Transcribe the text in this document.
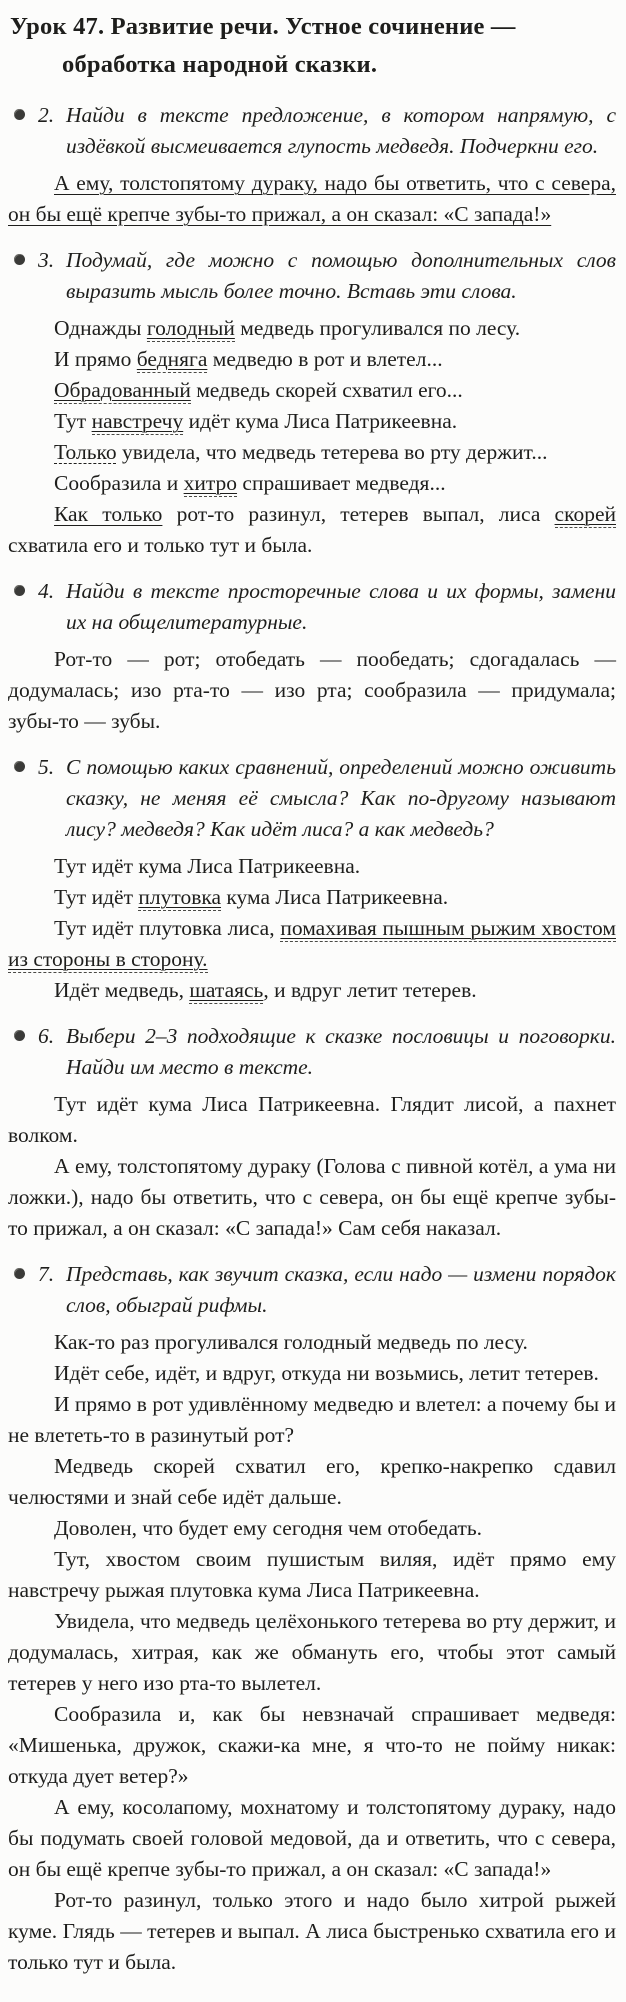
Урок 47. Развитие речи. Устное сочинение —
обработка народной сказки.
2. Найди в тексте предложение, в котором напрямую, с издёвкой высмеивается глупость медведя. Подчеркни его.
А ему, толстопятому дураку, надо бы ответить, что с севера, он бы ещё крепче зубы-то прижал, а он сказал: «С запада!»
3. Подумай, где можно с помощью дополнительных слов выразить мысль более точно. Вставь эти слова.
Однажды голодный медведь прогуливался по лесу.
И прямо бедняга медведю в рот и влетел...
Обрадованный медведь скорей схватил его...
Тут навстречу идёт кума Лиса Патрикеевна.
Только увидела, что медведь тетерева во рту держит...
Сообразила и хитро спрашивает медведя...
Как только рот-то разинул, тетерев выпал, лиса скорей схватила его и только тут и была.
4. Найди в тексте просторечные слова и их формы, замени их на общелитературные.
Рот-то — рот; отобедать — пообедать; сдогадалась — додумалась; изо рта-то — изо рта; сообразила — придумала; зубы-то — зубы.
5. С помощью каких сравнений, определений можно оживить сказку, не меняя её смысла? Как по-другому называют лису? медведя? Как идёт лиса? а как медведь?
Тут идёт кума Лиса Патрикеевна.
Тут идёт плутовка кума Лиса Патрикеевна.
Тут идёт плутовка лиса, помахивая пышным рыжим хвостом из стороны в сторону.
Идёт медведь, шатаясь, и вдруг летит тетерев.
6. Выбери 2–3 подходящие к сказке пословицы и поговорки. Найди им место в тексте.
Тут идёт кума Лиса Патрикеевна. Глядит лисой, а пахнет волком.
А ему, толстопятому дураку (Голова с пивной котёл, а ума ни ложки.), надо бы ответить, что с севера, он бы ещё крепче зубы-то прижал, а он сказал: «С запада!» Сам себя наказал.
7. Представь, как звучит сказка, если надо — измени порядок слов, обыграй рифмы.
Как-то раз прогуливался голодный медведь по лесу.
Идёт себе, идёт, и вдруг, откуда ни возьмись, летит тетерев.
И прямо в рот удивлённому медведю и влетел: а почему бы и не влететь-то в разинутый рот?
Медведь скорей схватил его, крепко-накрепко сдавил челюстями и знай себе идёт дальше.
Доволен, что будет ему сегодня чем отобедать.
Тут, хвостом своим пушистым виляя, идёт прямо ему навстречу рыжая плутовка кума Лиса Патрикеевна.
Увидела, что медведь целёхонького тетерева во рту держит, и додумалась, хитрая, как же обмануть его, чтобы этот самый тетерев у него изо рта-то вылетел.
Сообразила и, как бы невзначай спрашивает медведя: «Мишенька, дружок, скажи-ка мне, я что-то не пойму никак: откуда дует ветер?»
А ему, косолапому, мохнатому и толстопятому дураку, надо бы подумать своей головой медовой, да и ответить, что с севера, он бы ещё крепче зубы-то прижал, а он сказал: «С запада!»
Рот-то разинул, только этого и надо было хитрой рыжей куме. Глядь — тетерев и выпал. А лиса быстренько схватила его и только тут и была.
